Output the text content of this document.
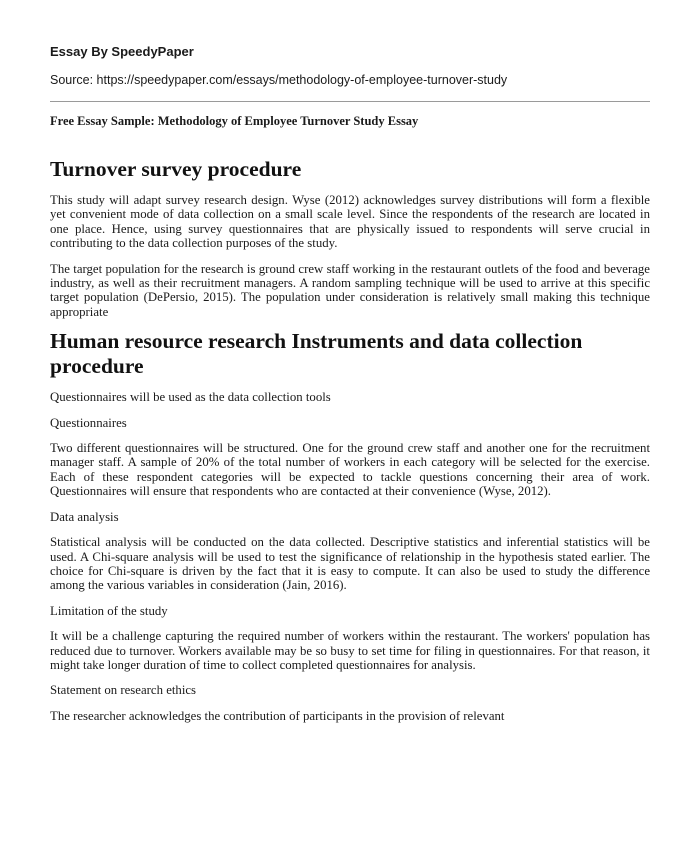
Essay By SpeedyPaper

Source: https://speedypaper.com/essays/methodology-of-employee-turnover-study

Free Essay Sample: Methodology of Employee Turnover Study Essay

Turnover survey procedure

This study will adapt survey research design. Wyse (2012) acknowledges survey distributions will form a flexible yet convenient mode of data collection on a small scale level. Since the respondents of the research are located in one place. Hence, using survey questionnaires that are physically issued to respondents will serve crucial in contributing to the data collection purposes of the study.

The target population for the research is ground crew staff working in the restaurant outlets of the food and beverage industry, as well as their recruitment managers. A random sampling technique will be used to arrive at this specific target population (DePersio, 2015). The population under consideration is relatively small making this technique appropriate

Human resource research Instruments and data collection procedure

Questionnaires will be used as the data collection tools

Questionnaires

Two different questionnaires will be structured. One for the ground crew staff and another one for the recruitment manager staff. A sample of 20% of the total number of workers in each category will be selected for the exercise. Each of these respondent categories will be expected to tackle questions concerning their area of work. Questionnaires will ensure that respondents who are contacted at their convenience (Wyse, 2012).

Data analysis

Statistical analysis will be conducted on the data collected. Descriptive statistics and inferential statistics will be used. A Chi-square analysis will be used to test the significance of relationship in the hypothesis stated earlier. The choice for Chi-square is driven by the fact that it is easy to compute. It can also be used to study the difference among the various variables in consideration (Jain, 2016).

Limitation of the study

It will be a challenge capturing the required number of workers within the restaurant. The workers' population has reduced due to turnover. Workers available may be so busy to set time for filing in questionnaires. For that reason, it might take longer duration of time to collect completed questionnaires for analysis.

Statement on research ethics

The researcher acknowledges the contribution of participants in the provision of relevant
